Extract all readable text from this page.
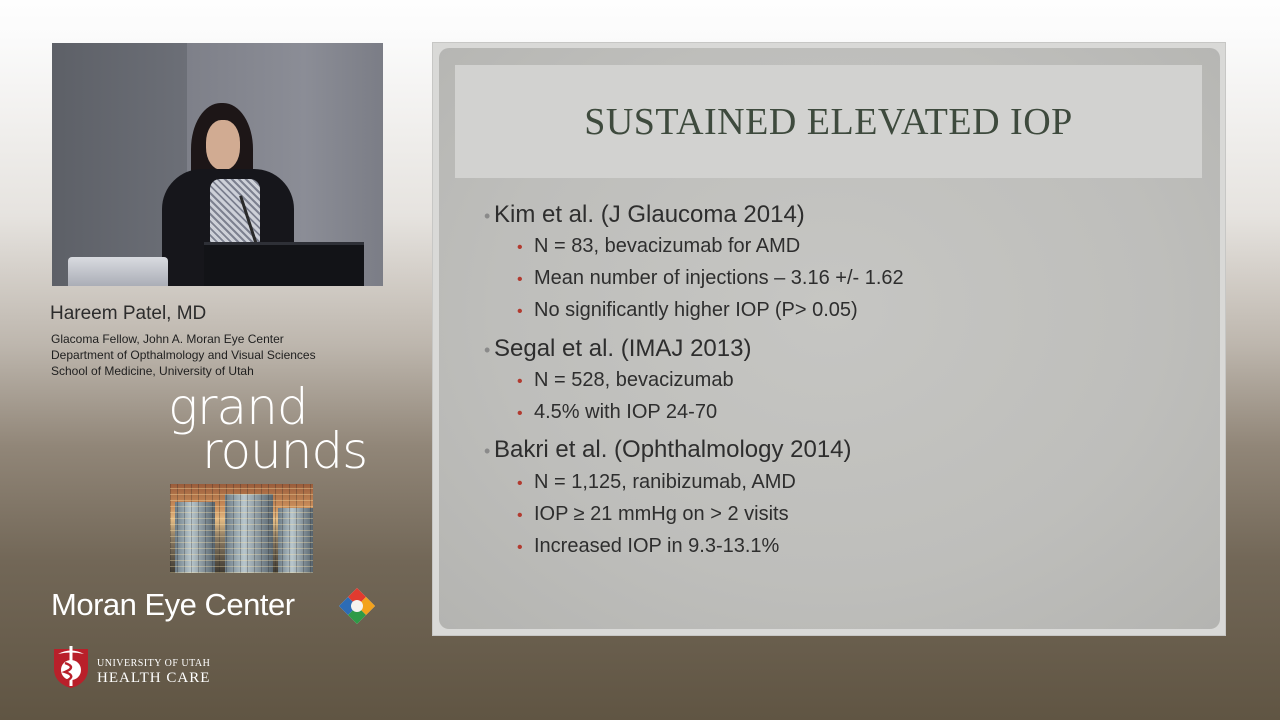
Hareem Patel, MD
Glacoma Fellow, John A. Moran Eye Center
Department of Opthalmology and Visual Sciences
School of Medicine, University of Utah
grand
rounds
Moran Eye Center
UNIVERSITY OF UTAH
HEALTH CARE
SUSTAINED ELEVATED IOP
• Kim et al. (J Glaucoma 2014)
• N = 83, bevacizumab for AMD
• Mean number of injections – 3.16 +/- 1.62
• No significantly higher IOP (P> 0.05)
• Segal et al. (IMAJ 2013)
• N = 528, bevacizumab
• 4.5% with IOP 24-70
• Bakri et al. (Ophthalmology 2014)
• N = 1,125, ranibizumab, AMD
• IOP ≥ 21 mmHg on > 2 visits
• Increased IOP in 9.3-13.1%
